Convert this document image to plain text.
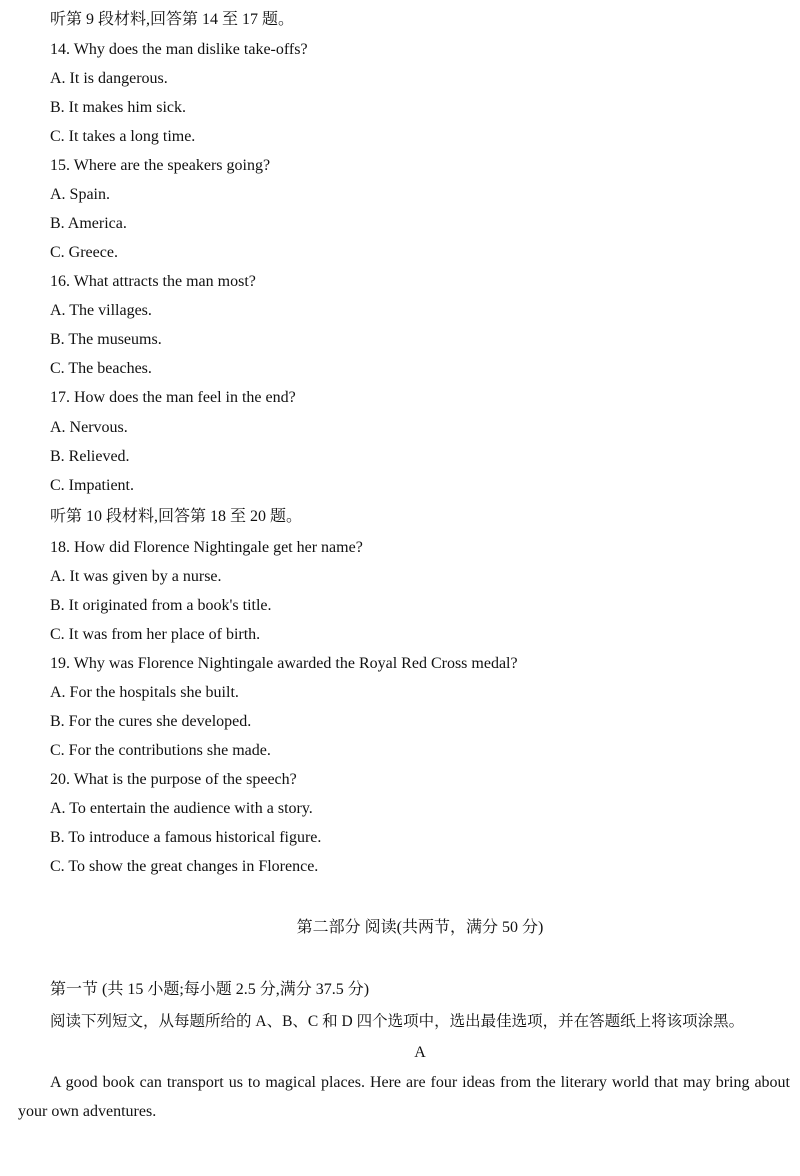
听第 9 段材料,回答第 14 至 17 题。
14. Why does the man dislike take-offs?
A. It is dangerous.
B. It makes him sick.
C. It takes a long time.
15. Where are the speakers going?
A. Spain.
B. America.
C. Greece.
16. What attracts the man most?
A. The villages.
B. The museums.
C. The beaches.
17. How does the man feel in the end?
A. Nervous.
B. Relieved.
C. Impatient.
听第 10 段材料,回答第 18 至 20 题。
18. How did Florence Nightingale get her name?
A. It was given by a nurse.
B. It originated from a book's title.
C. It was from her place of birth.
19. Why was Florence Nightingale awarded the Royal Red Cross medal?
A. For the hospitals she built.
B. For the cures she developed.
C. For the contributions she made.
20. What is the purpose of the speech?
A. To entertain the audience with a story.
B. To introduce a famous historical figure.
C. To show the great changes in Florence.
第二部分 阅读(共两节，满分 50 分)
第一节 (共 15 小题;每小题 2.5 分,满分 37.5 分)
阅读下列短文，从每题所给的 A、B、C 和 D 四个选项中，选出最佳选项，并在答题纸上将该项涂黑。
A
A good book can transport us to magical places. Here are four ideas from the literary world that may bring about your own adventures.
